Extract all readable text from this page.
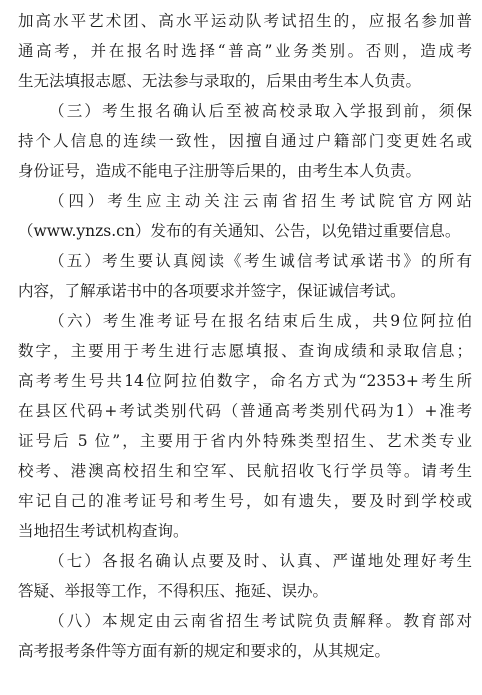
加高水平艺术团、高水平运动队考试招生的，应报名参加普
通高考，并在报名时选择“普高”业务类别。否则，造成考
生无法填报志愿、无法参与录取的，后果由考生本人负责。
（三）考生报名确认后至被高校录取入学报到前，须保
持个人信息的连续一致性，因擅自通过户籍部门变更姓名或
身份证号，造成不能电子注册等后果的，由考生本人负责。
（四）考生应主动关注云南省招生考试院官方网站
（www.ynzs.cn）发布的有关通知、公告，以免错过重要信息。
（五）考生要认真阅读《考生诚信考试承诺书》的所有
内容，了解承诺书中的各项要求并签字，保证诚信考试。
（六）考生准考证号在报名结束后生成，共9位阿拉伯
数字，主要用于考生进行志愿填报、查询成绩和录取信息；
高考考生号共14位阿拉伯数字，命名方式为“2353+考生所
在县区代码+考试类别代码（普通高考类别代码为1）+准考
证号后 5 位”，主要用于省内外特殊类型招生、艺术类专业
校考、港澳高校招生和空军、民航招收飞行学员等。请考生
牢记自己的准考证号和考生号，如有遗失，要及时到学校或
当地招生考试机构查询。
（七）各报名确认点要及时、认真、严谨地处理好考生
答疑、举报等工作，不得积压、拖延、误办。
（八）本规定由云南省招生考试院负责解释。教育部对
高考报考条件等方面有新的规定和要求的，从其规定。
